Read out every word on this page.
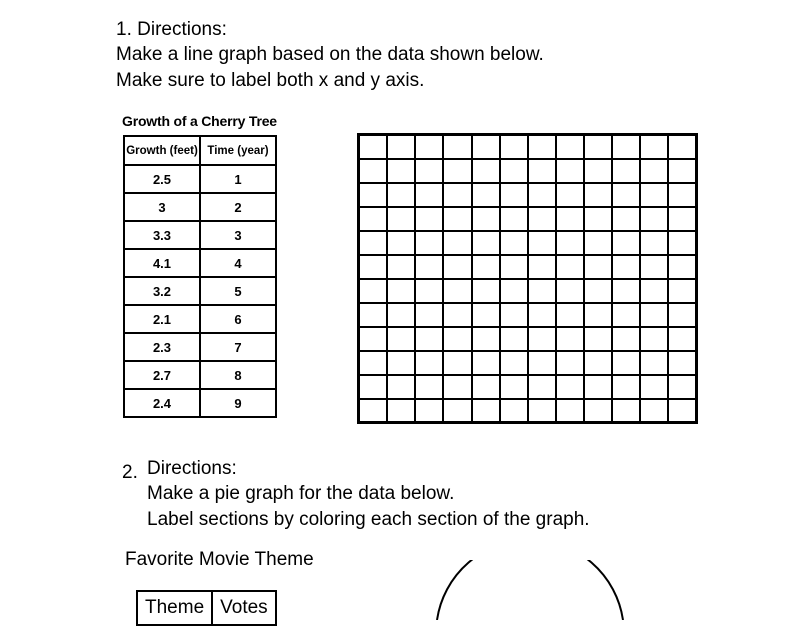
1. Directions:
Make a line graph based on the data shown below.
Make sure to label both x and y axis.
Growth of a Cherry Tree
Growth (feet)	Time (year)
2.5	1
3	2
3.3	3
4.1	4
3.2	5
2.1	6
2.3	7
2.7	8
2.4	9
2. Directions:
Make a pie graph for the data below.
Label sections by coloring each section of the graph.
Favorite Movie Theme
Theme	Votes
